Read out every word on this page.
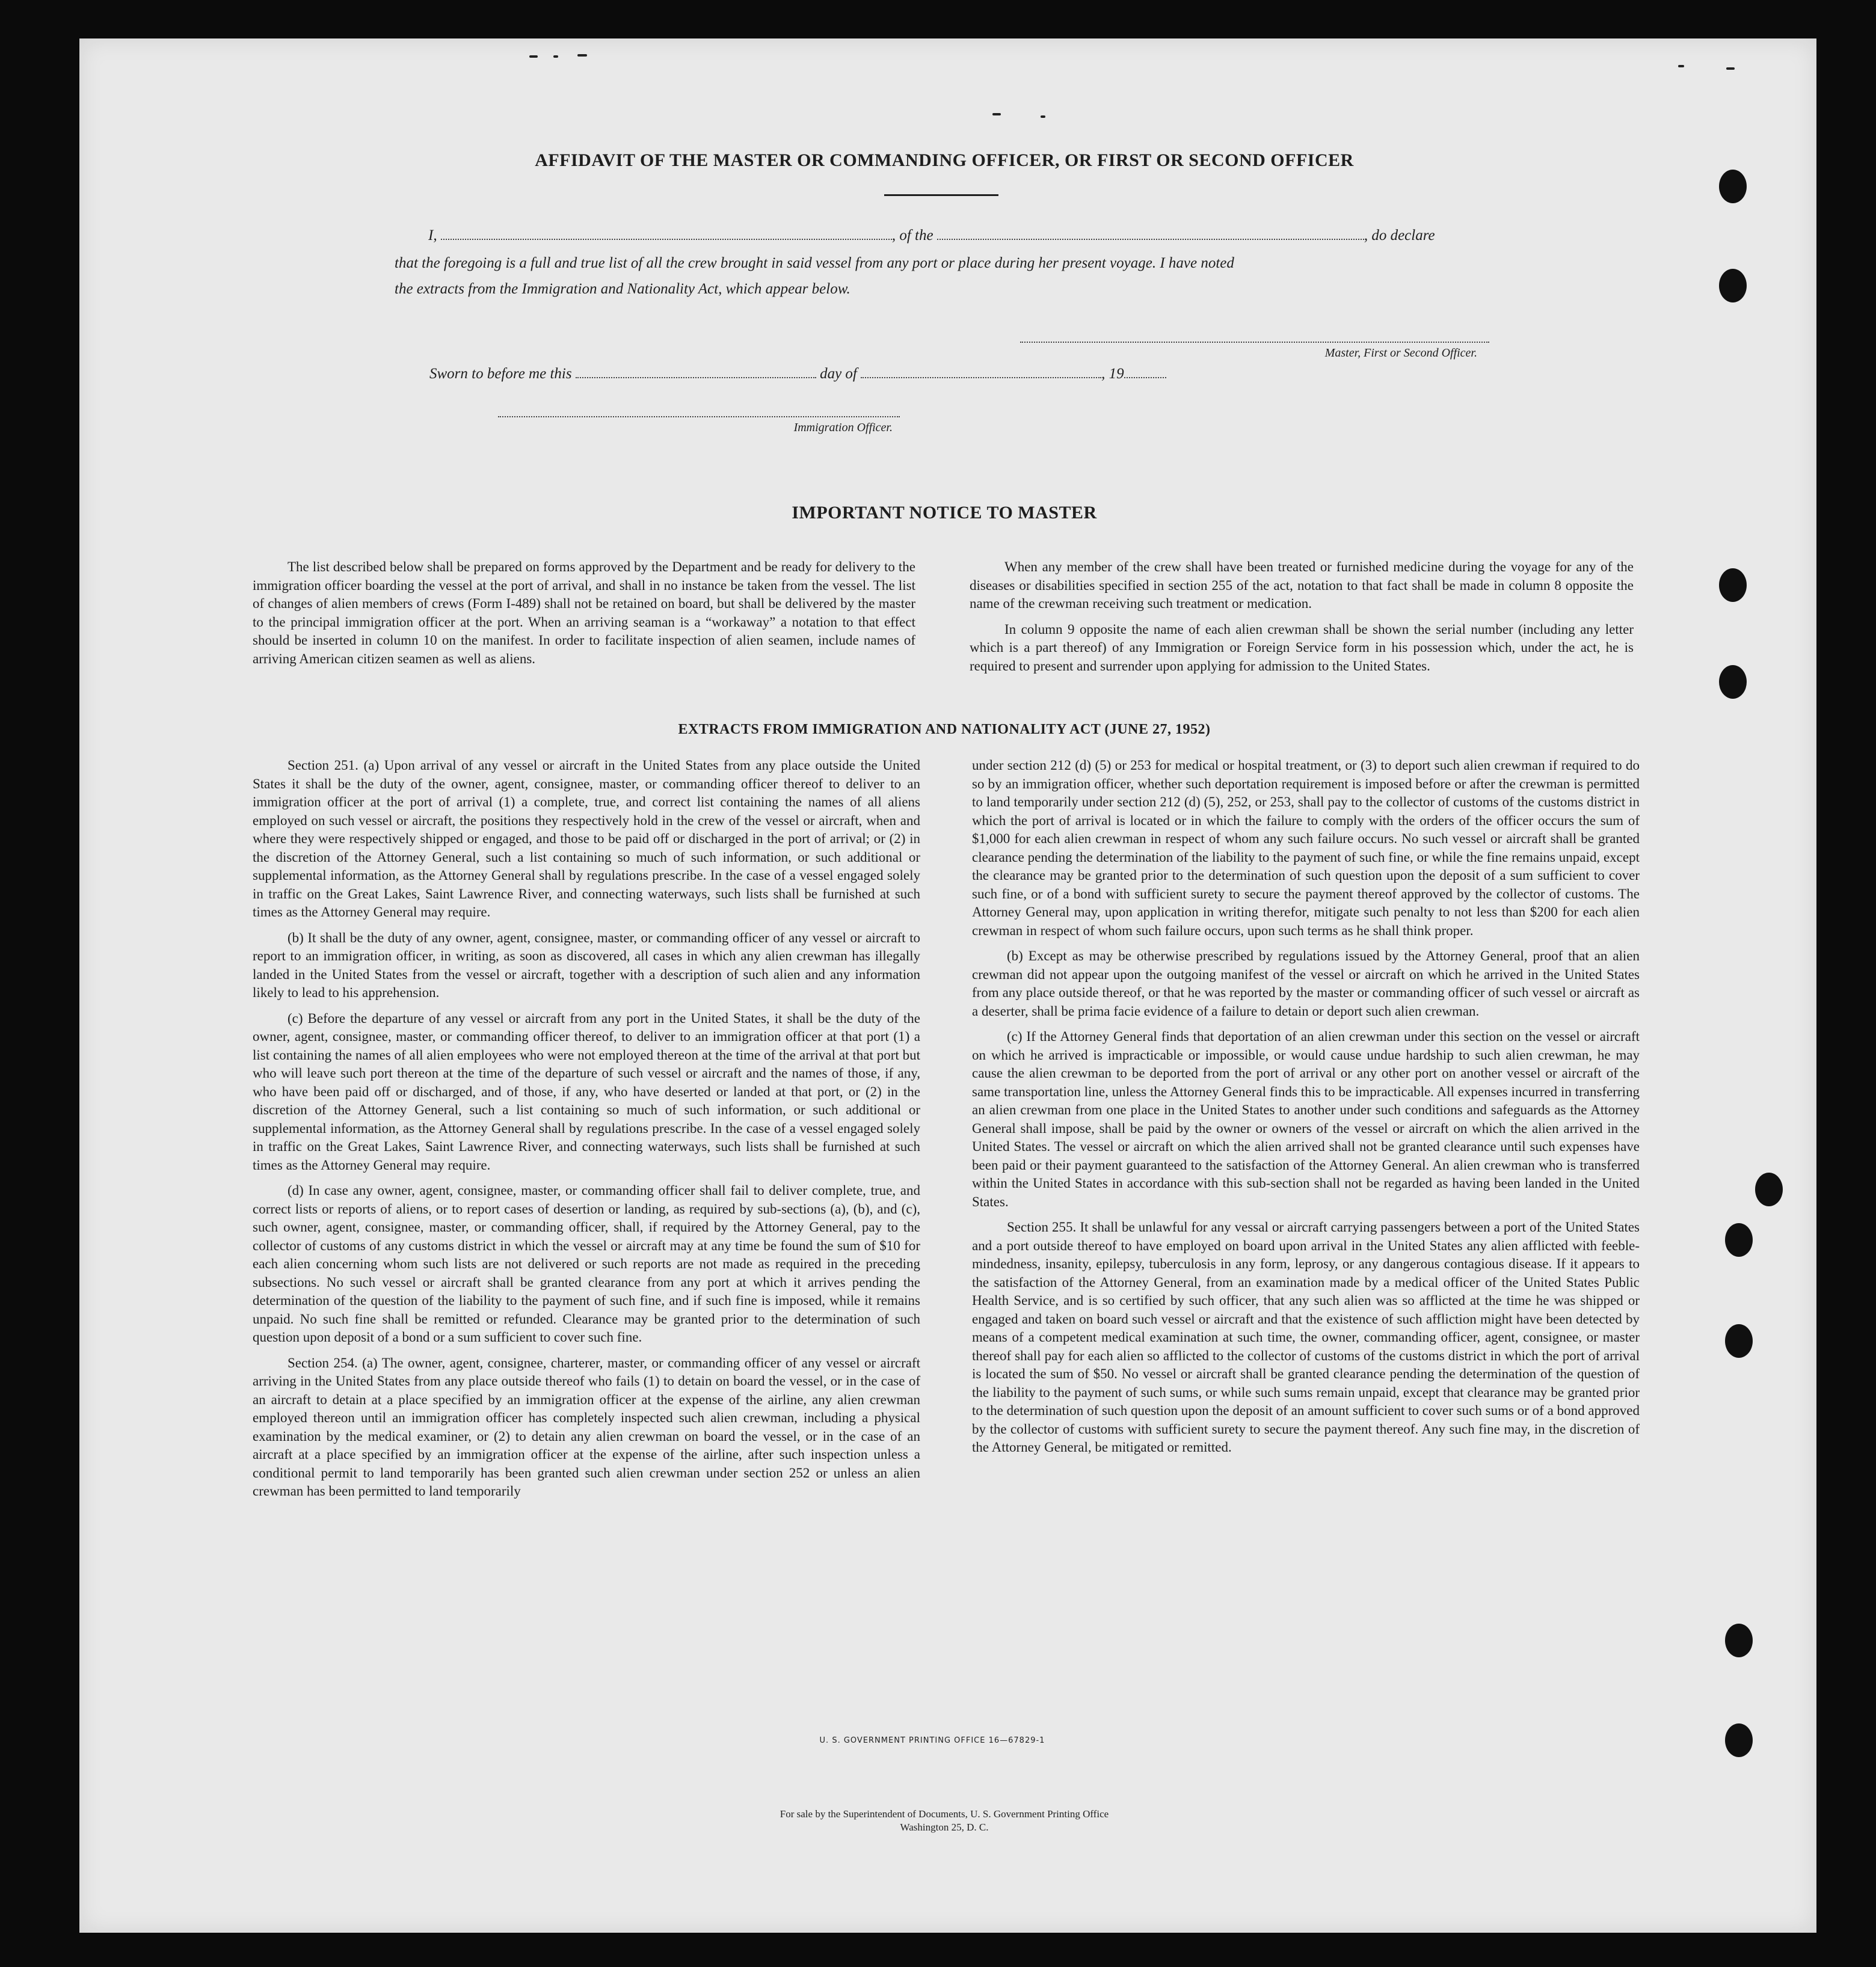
AFFIDAVIT OF THE MASTER OR COMMANDING OFFICER, OR FIRST OR SECOND OFFICER
I,	, of the	, do declare
that the foregoing is a full and true list of all the crew brought in said vessel from any port or place during her present voyage. I have noted
the extracts from the Immigration and Nationality Act, which appear below.
Master, First or Second Officer.
Sworn to before me this	day of	, 19
Immigration Officer.
IMPORTANT NOTICE TO MASTER

The list described below shall be prepared on forms approved by the Department and be ready for delivery to the immigration officer boarding the vessel at the port of arrival, and shall in no instance be taken from the vessel. The list of changes of alien members of crews (Form I-489) shall not be retained on board, but shall be delivered by the master to the principal immigration officer at the port. When an arriving seaman is a “workaway” a notation to that effect should be inserted in column 10 on the manifest. In order to facilitate inspection of alien seamen, include names of arriving American citizen seamen as well as aliens.

When any member of the crew shall have been treated or furnished medicine during the voyage for any of the diseases or disabilities specified in section 255 of the act, notation to that fact shall be made in column 8 opposite the name of the crewman receiving such treatment or medication.

In column 9 opposite the name of each alien crewman shall be shown the serial number (including any letter which is a part thereof) of any Immigration or Foreign Service form in his possession which, under the act, he is required to present and surrender upon applying for admission to the United States.

EXTRACTS FROM IMMIGRATION AND NATIONALITY ACT (JUNE 27, 1952)

Section 251. (a) Upon arrival of any vessel or aircraft in the United States from any place outside the United States it shall be the duty of the owner, agent, consignee, master, or commanding officer thereof to deliver to an immigration officer at the port of arrival (1) a complete, true, and correct list containing the names of all aliens employed on such vessel or aircraft, the positions they respectively hold in the crew of the vessel or aircraft, when and where they were respectively shipped or engaged, and those to be paid off or discharged in the port of arrival; or (2) in the discretion of the Attorney General, such a list containing so much of such information, or such additional or supplemental information, as the Attorney General shall by regulations prescribe. In the case of a vessel engaged solely in traffic on the Great Lakes, Saint Lawrence River, and connecting waterways, such lists shall be furnished at such times as the Attorney General may require.

(b) It shall be the duty of any owner, agent, consignee, master, or commanding officer of any vessel or aircraft to report to an immigration officer, in writing, as soon as discovered, all cases in which any alien crewman has illegally landed in the United States from the vessel or aircraft, together with a description of such alien and any information likely to lead to his apprehension.

(c) Before the departure of any vessel or aircraft from any port in the United States, it shall be the duty of the owner, agent, consignee, master, or commanding officer thereof, to deliver to an immigration officer at that port (1) a list containing the names of all alien employees who were not employed thereon at the time of the arrival at that port but who will leave such port thereon at the time of the departure of such vessel or aircraft and the names of those, if any, who have been paid off or discharged, and of those, if any, who have deserted or landed at that port, or (2) in the discretion of the Attorney General, such a list containing so much of such information, or such additional or supplemental information, as the Attorney General shall by regulations prescribe. In the case of a vessel engaged solely in traffic on the Great Lakes, Saint Lawrence River, and connecting waterways, such lists shall be furnished at such times as the Attorney General may require.

(d) In case any owner, agent, consignee, master, or commanding officer shall fail to deliver complete, true, and correct lists or reports of aliens, or to report cases of desertion or landing, as required by sub-sections (a), (b), and (c), such owner, agent, consignee, master, or commanding officer, shall, if required by the Attorney General, pay to the collector of customs of any customs district in which the vessel or aircraft may at any time be found the sum of $10 for each alien concerning whom such lists are not delivered or such reports are not made as required in the preceding subsections. No such vessel or aircraft shall be granted clearance from any port at which it arrives pending the determination of the question of the liability to the payment of such fine, and if such fine is imposed, while it remains unpaid. No such fine shall be remitted or refunded. Clearance may be granted prior to the determination of such question upon deposit of a bond or a sum sufficient to cover such fine.

Section 254. (a) The owner, agent, consignee, charterer, master, or commanding officer of any vessel or aircraft arriving in the United States from any place outside thereof who fails (1) to detain on board the vessel, or in the case of an aircraft to detain at a place specified by an immigration officer at the expense of the airline, any alien crewman employed thereon until an immigration officer has completely inspected such alien crewman, including a physical examination by the medical examiner, or (2) to detain any alien crewman on board the vessel, or in the case of an aircraft at a place specified by an immigration officer at the expense of the airline, after such inspection unless a conditional permit to land temporarily has been granted such alien crewman under section 252 or unless an alien crewman has been permitted to land temporarily

under section 212 (d) (5) or 253 for medical or hospital treatment, or (3) to deport such alien crewman if required to do so by an immigration officer, whether such deportation requirement is imposed before or after the crewman is permitted to land temporarily under section 212 (d) (5), 252, or 253, shall pay to the collector of customs of the customs district in which the port of arrival is located or in which the failure to comply with the orders of the officer occurs the sum of $1,000 for each alien crewman in respect of whom any such failure occurs. No such vessel or aircraft shall be granted clearance pending the determination of the liability to the payment of such fine, or while the fine remains unpaid, except the clearance may be granted prior to the determination of such question upon the deposit of a sum sufficient to cover such fine, or of a bond with sufficient surety to secure the payment thereof approved by the collector of customs. The Attorney General may, upon application in writing therefor, mitigate such penalty to not less than $200 for each alien crewman in respect of whom such failure occurs, upon such terms as he shall think proper.

(b) Except as may be otherwise prescribed by regulations issued by the Attorney General, proof that an alien crewman did not appear upon the outgoing manifest of the vessel or aircraft on which he arrived in the United States from any place outside thereof, or that he was reported by the master or commanding officer of such vessel or aircraft as a deserter, shall be prima facie evidence of a failure to detain or deport such alien crewman.

(c) If the Attorney General finds that deportation of an alien crewman under this section on the vessel or aircraft on which he arrived is impracticable or impossible, or would cause undue hardship to such alien crewman, he may cause the alien crewman to be deported from the port of arrival or any other port on another vessel or aircraft of the same transportation line, unless the Attorney General finds this to be impracticable. All expenses incurred in transferring an alien crewman from one place in the United States to another under such conditions and safeguards as the Attorney General shall impose, shall be paid by the owner or owners of the vessel or aircraft on which the alien arrived in the United States. The vessel or aircraft on which the alien arrived shall not be granted clearance until such expenses have been paid or their payment guaranteed to the satisfaction of the Attorney General. An alien crewman who is transferred within the United States in accordance with this sub-section shall not be regarded as having been landed in the United States.

Section 255. It shall be unlawful for any vessal or aircraft carrying passengers between a port of the United States and a port outside thereof to have employed on board upon arrival in the United States any alien afflicted with feeble-mindedness, insanity, epilepsy, tuberculosis in any form, leprosy, or any dangerous contagious disease. If it appears to the satisfaction of the Attorney General, from an examination made by a medical officer of the United States Public Health Service, and is so certified by such officer, that any such alien was so afflicted at the time he was shipped or engaged and taken on board such vessel or aircraft and that the existence of such affliction might have been detected by means of a competent medical examination at such time, the owner, commanding officer, agent, consignee, or master thereof shall pay for each alien so afflicted to the collector of customs of the customs district in which the port of arrival is located the sum of $50. No vessel or aircraft shall be granted clearance pending the determination of the question of the liability to the payment of such sums, or while such sums remain unpaid, except that clearance may be granted prior to the determination of such question upon the deposit of an amount sufficient to cover such sums or of a bond approved by the collector of customs with sufficient surety to secure the payment thereof. Any such fine may, in the discretion of the Attorney General, be mitigated or remitted.

U. S. GOVERNMENT PRINTING OFFICE 16—67829-1
For sale by the Superintendent of Documents, U. S. Government Printing Office
Washington 25, D. C.
